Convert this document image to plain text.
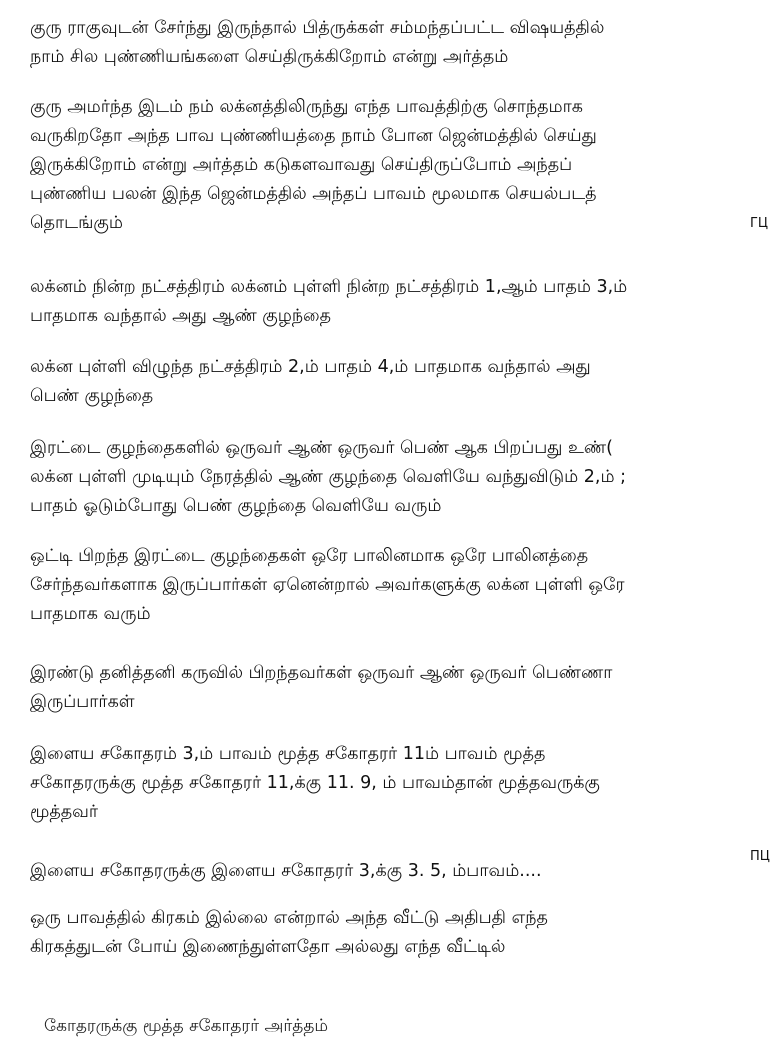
குரு ராகுவுடன் சேர்ந்து இருந்தால் பித்ருக்கள் சம்மந்தப்பட்ட விஷயத்தில்
நாம் சில புண்ணியங்களை செய்திருக்கிறோம் என்று அர்த்தம்
குரு அமர்ந்த இடம் நம் லக்னத்திலிருந்து எந்த பாவத்திற்கு சொந்தமாக
வருகிறதோ அந்த பாவ புண்ணியத்தை நாம் போன ஜென்மத்தில் செய்து
இருக்கிறோம் என்று அர்த்தம் கடுகளவாவது செய்திருப்போம் அந்தப்
புண்ணிய பலன் இந்த ஜென்மத்தில் அந்தப் பாவம் மூலமாக செயல்படத்
தொடங்கும்
லக்னம் நின்ற நட்சத்திரம் லக்னம் புள்ளி நின்ற நட்சத்திரம் 1,ஆம் பாதம் 3,ம்
பாதமாக வந்தால் அது ஆண் குழந்தை
லக்ன புள்ளி விழுந்த நட்சத்திரம் 2,ம் பாதம் 4,ம் பாதமாக வந்தால் அது
பெண் குழந்தை
இரட்டை குழந்தைகளில் ஒருவர் ஆண் ஒருவர் பெண் ஆக பிறப்பது உண்(
லக்ன புள்ளி முடியும் நேரத்தில் ஆண் குழந்தை வெளியே வந்துவிடும் 2,ம் ;
பாதம் ஓடும்போது பெண் குழந்தை வெளியே வரும்
ஒட்டி பிறந்த இரட்டை குழந்தைகள் ஒரே பாலினமாக ஒரே பாலினத்தை
சேர்ந்தவர்களாக இருப்பார்கள் ஏனென்றால் அவர்களுக்கு லக்ன புள்ளி ஒரே
பாதமாக வரும்
இரண்டு தனித்தனி கருவில் பிறந்தவர்கள் ஒருவர் ஆண் ஒருவர் பெண்ணா
இருப்பார்கள்
இளைய சகோதரம் 3,ம் பாவம் மூத்த சகோதரர் 11ம் பாவம் மூத்த
சகோதரருக்கு மூத்த சகோதரர் 11,க்கு 11. 9, ம் பாவம்தான் மூத்தவருக்கு
மூத்தவர்
இளைய சகோதரருக்கு இளைய சகோதரர் 3,க்கு 3. 5, ம்பாவம்....
ஒரு பாவத்தில் கிரகம் இல்லை என்றால் அந்த வீட்டு அதிபதி எந்த
கிரகத்துடன் போய் இணைந்துள்ளதோ அல்லது எந்த வீட்டில்
ГЦ
ПЦ
கோதரருக்கு மூத்த சகோதரர் அர்த்தம்
